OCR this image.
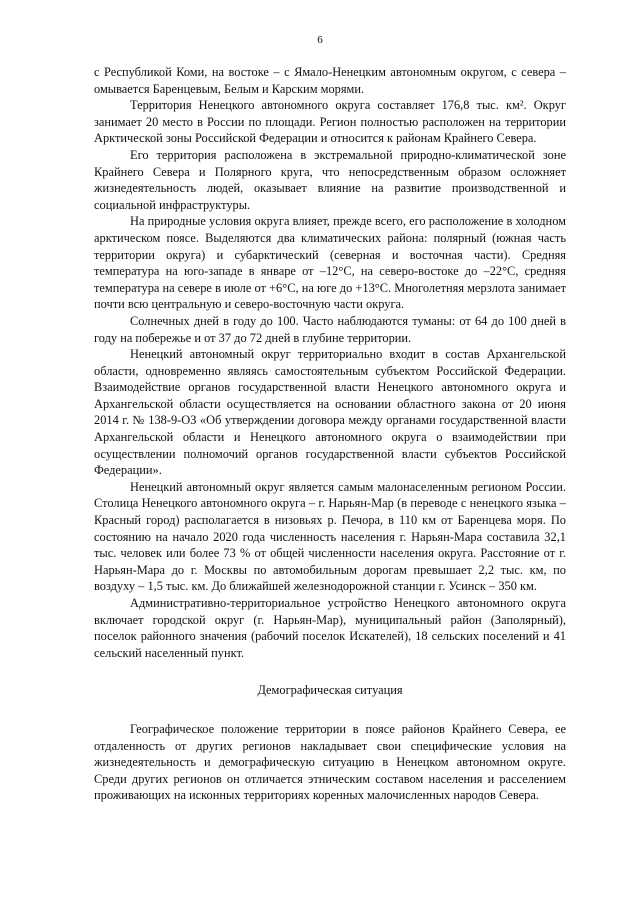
6

с Республикой Коми, на востоке – с Ямало-Ненецким автономным округом, с севера – омывается Баренцевым, Белым и Карским морями.

Территория Ненецкого автономного округа составляет 176,8 тыс. км². Округ занимает 20 место в России по площади. Регион полностью расположен на территории Арктической зоны Российской Федерации и относится к районам Крайнего Севера.

Его территория расположена в экстремальной природно-климатической зоне Крайнего Севера и Полярного круга, что непосредственным образом осложняет жизнедеятельность людей, оказывает влияние на развитие производственной и социальной инфраструктуры.

На природные условия округа влияет, прежде всего, его расположение в холодном арктическом поясе. Выделяются два климатических района: полярный (южная часть территории округа) и субарктический (северная и восточная части). Средняя температура на юго-западе в январе от –12°С, на северо-востоке до –22°С, средняя температура на севере в июле от +6°С, на юге до +13°С. Многолетняя мерзлота занимает почти всю центральную и северо-восточную части округа.

Солнечных дней в году до 100. Часто наблюдаются туманы: от 64 до 100 дней в году на побережье и от 37 до 72 дней в глубине территории.

Ненецкий автономный округ территориально входит в состав Архангельской области, одновременно являясь самостоятельным субъектом Российской Федерации. Взаимодействие органов государственной власти Ненецкого автономного округа и Архангельской области осуществляется на основании областного закона от 20 июня 2014 г. № 138-9-ОЗ «Об утверждении договора между органами государственной власти Архангельской области и Ненецкого автономного округа о взаимодействии при осуществлении полномочий органов государственной власти субъектов Российской Федерации».

Ненецкий автономный округ является самым малонаселенным регионом России. Столица Ненецкого автономного округа – г. Нарьян-Мар (в переводе с ненецкого языка – Красный город) располагается в низовьях р. Печора, в 110 км от Баренцева моря. По состоянию на начало 2020 года численность населения г. Нарьян-Мара составила 32,1 тыс. человек или более 73 % от общей численности населения округа. Расстояние от г. Нарьян-Мара до г. Москвы по автомобильным дорогам превышает 2,2 тыс. км, по воздуху – 1,5 тыс. км. До ближайшей железнодорожной станции г. Усинск – 350 км.

Административно-территориальное устройство Ненецкого автономного округа включает городской округ (г. Нарьян-Мар), муниципальный район (Заполярный), поселок районного значения (рабочий поселок Искателей), 18 сельских поселений и 41 сельский населенный пункт.

Демографическая ситуация

Географическое положение территории в поясе районов Крайнего Севера, ее отдаленность от других регионов накладывает свои специфические условия на жизнедеятельность и демографическую ситуацию в Ненецком автономном округе. Среди других регионов он отличается этническим составом населения и расселением проживающих на исконных территориях коренных малочисленных народов Севера.
